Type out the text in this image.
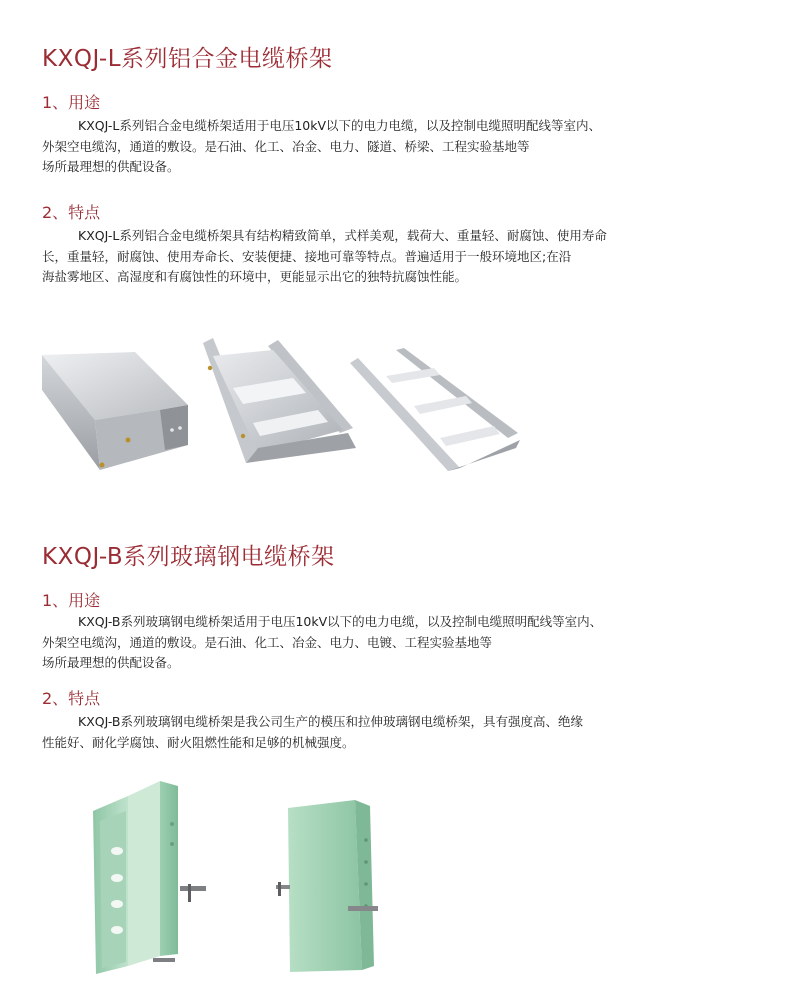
KXQJ-L系列铝合金电缆桥架
1、用途
KXQJ-L系列铝合金电缆桥架适用于电压10kV以下的电力电缆，以及控制电缆照明配线等室内、
外架空电缆沟，通道的敷设。是石油、化工、冶金、电力、隧道、桥梁、工程实验基地等
场所最理想的供配设备。
2、特点
KXQJ-L系列铝合金电缆桥架具有结构精致简单，式样美观，载荷大、重量轻、耐腐蚀、使用寿命
长，重量轻，耐腐蚀、使用寿命长、安装便捷、接地可靠等特点。普遍适用于一般环境地区;在沿
海盐雾地区、高湿度和有腐蚀性的环境中，更能显示出它的独特抗腐蚀性能。
KXQJ-B系列玻璃钢电缆桥架
1、用途
KXQJ-B系列玻璃钢电缆桥架适用于电压10kV以下的电力电缆，以及控制电缆照明配线等室内、
外架空电缆沟，通道的敷设。是石油、化工、冶金、电力、电镀、工程实验基地等
场所最理想的供配设备。
2、特点
KXQJ-B系列玻璃钢电缆桥架是我公司生产的模压和拉伸玻璃钢电缆桥架，具有强度高、绝缘
性能好、耐化学腐蚀、耐火阻燃性能和足够的机械强度。
